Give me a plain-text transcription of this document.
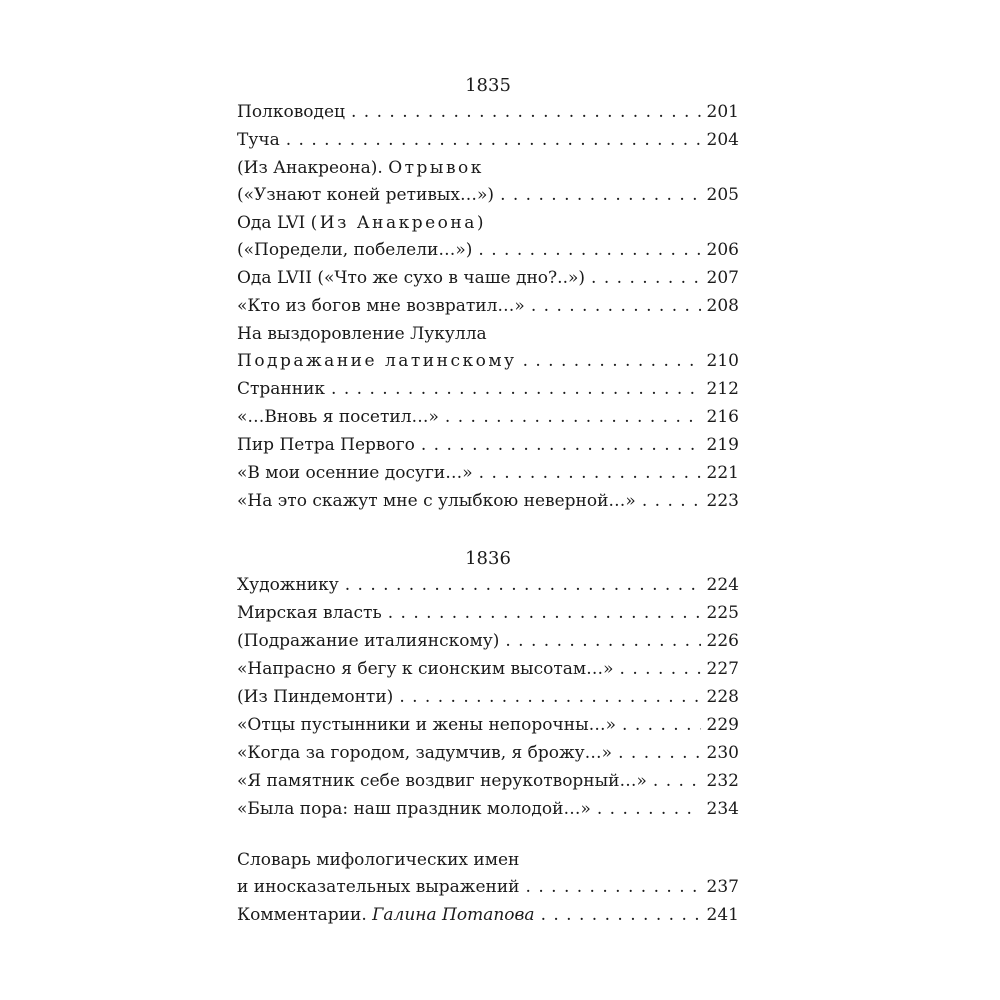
1835
Полководец . . .	201
Туча . . .	204
(Из Анакреона). Отрывок
(«Узнают коней ретивых…») . . .	205
Ода LVI (Из Анакреона)
(«Поредели, побелели…») . . .	206
Ода LVII («Что же сухо в чаше дно?..») . . .	207
«Кто из богов мне возвратил…» . . .	208
На выздоровление Лукулла
Подражание латинскому . . .	210
Странник . . .	212
«…Вновь я посетил…» . . .	216
Пир Петра Первого . . .	219
«В мои осенние досуги…» . . .	221
«На это скажут мне с улыбкою неверной…» . . .	223
1836
Художнику . . .	224
Мирская власть . . .	225
(Подражание италиянскому) . . .	226
«Напрасно я бегу к сионским высотам…» . . .	227
(Из Пиндемонти) . . .	228
«Отцы пустынники и жены непорочны…» . . .	229
«Когда за городом, задумчив, я брожу…» . . .	230
«Я памятник себе воздвиг нерукотворный…» . . .	232
«Была пора: наш праздник молодой…» . . .	234
Словарь мифологических имен
и иносказательных выражений . . .	237
Комментарии. Галина Потапова . . .	241
